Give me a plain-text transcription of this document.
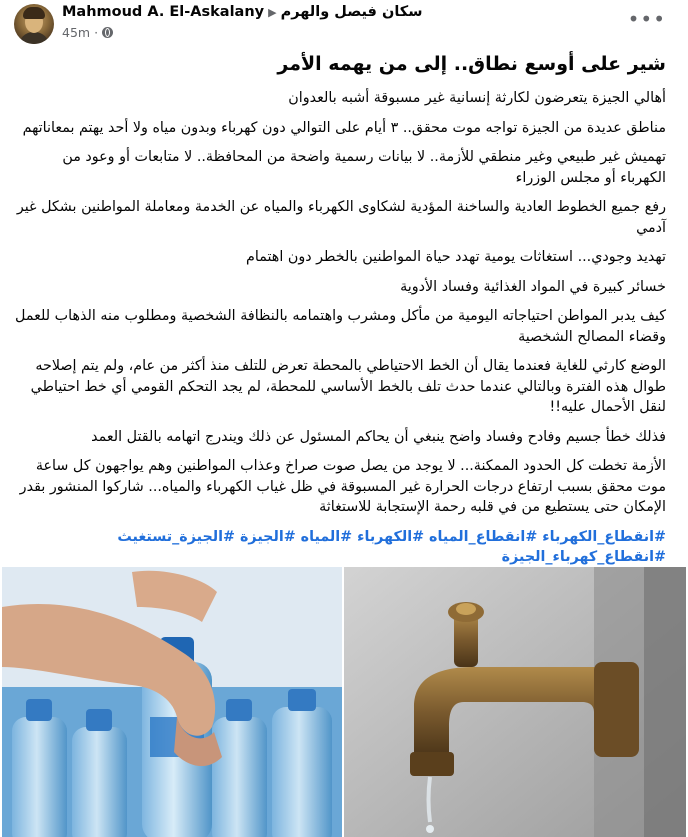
Mahmoud A. El-Askalany ▶ سكان فيصل والهرم
45m ·
•••
شير على أوسع نطاق.. إلى من يهمه الأمر
أهالي الجيزة يتعرضون لكارثة إنسانية غير مسبوقة أشبه بالعدوان
مناطق عديدة من الجيزة تواجه موت محقق.. ٣ أيام على التوالي دون كهرباء وبدون مياه ولا أحد يهتم بمعاناتهم
تهميش غير طبيعي وغير منطقي للأزمة.. لا بيانات رسمية واضحة من المحافظة.. لا متابعات أو وعود من الكهرباء أو مجلس الوزراء
رفع جميع الخطوط العادية والساخنة المؤدية لشكاوى الكهرباء والمياه عن الخدمة ومعاملة المواطنين بشكل غير آدمي
تهديد وجودي... استغاثات يومية تهدد حياة المواطنين بالخطر دون اهتمام
خسائر كبيرة في المواد الغذائية وفساد الأدوية
كيف يدبر المواطن احتياجاته اليومية من مأكل ومشرب واهتمامه بالنظافة الشخصية ومطلوب منه الذهاب للعمل وقضاء المصالح الشخصية
الوضع كارثي للغاية فعندما يقال أن الخط الاحتياطي بالمحطة تعرض للتلف منذ أكثر من عام، ولم يتم إصلاحه طوال هذه الفترة وبالتالي عندما حدث تلف بالخط الأساسي للمحطة، لم يجد التحكم القومي أي خط احتياطي لنقل الأحمال عليه!!
فذلك خطأ جسيم وفادح وفساد واضح ينبغي أن يحاكم المسئول عن ذلك ويندرج اتهامه بالقتل العمد
الأزمة تخطت كل الحدود الممكنة... لا يوجد من يصل صوت صراخ وعذاب المواطنين وهم يواجهون كل ساعة موت محقق بسبب ارتفاع درجات الحرارة غير المسبوقة في ظل غياب الكهرباء والمياه... شاركوا المنشور بقدر الإمكان حتى يستطيع من في قلبه رحمة الإستجابة للاستغاثة
#انقطاع_الكهرباء #انقطاع_المياه #الكهرباء #المياه #الجيزة #الجيزة_تستغيث #انقطاع_كهرباء_الجيزة
